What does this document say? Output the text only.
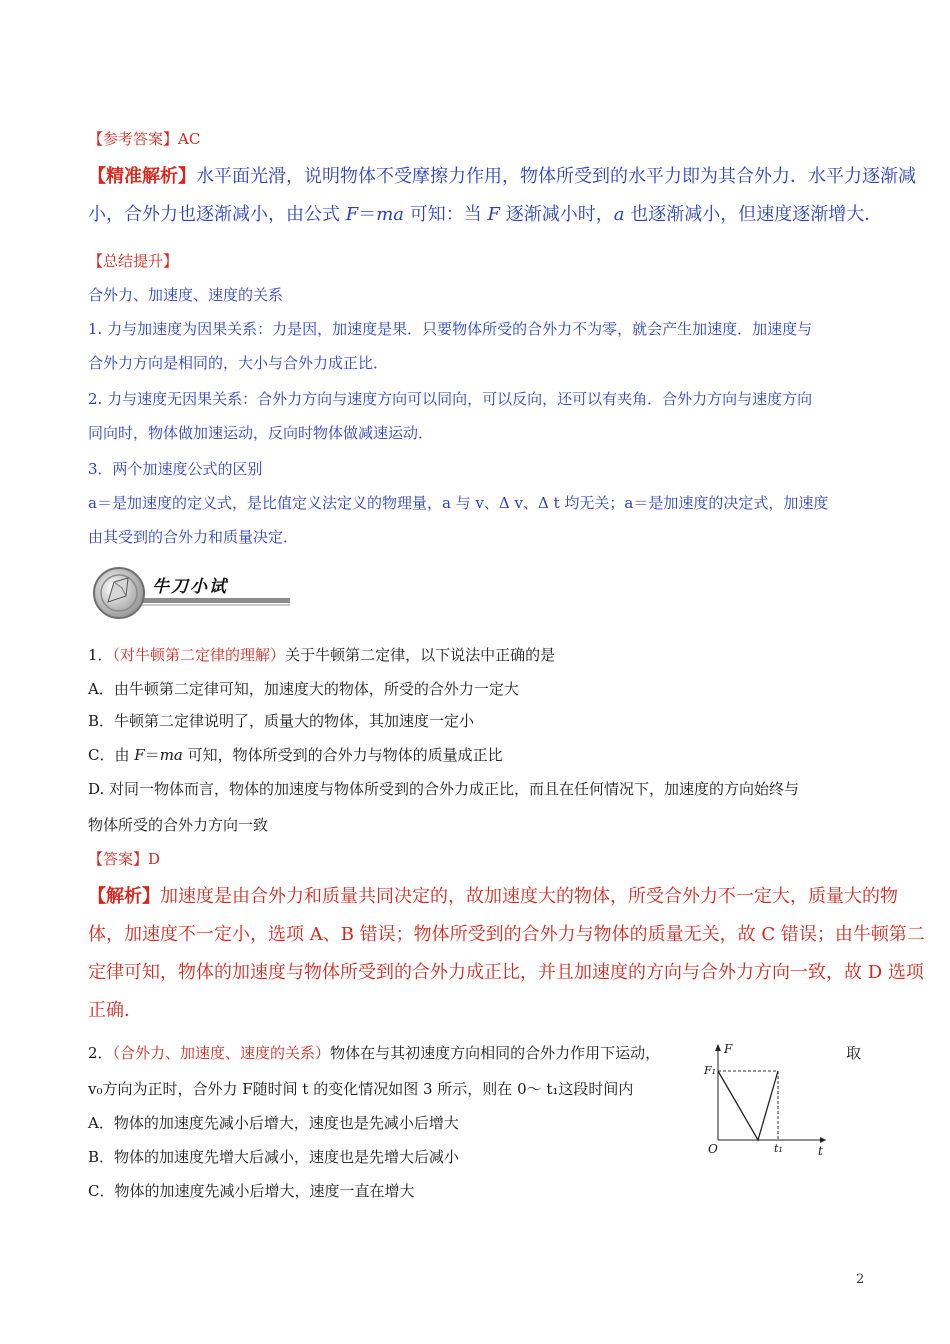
【参考答案】AC
【精准解析】水平面光滑，说明物体不受摩擦力作用，物体所受到的水平力即为其合外力．水平力逐渐减
小，合外力也逐渐减小，由公式 F＝ma 可知：当 F 逐渐减小时，a 也逐渐减小，但速度逐渐增大．
【总结提升】
合外力、加速度、速度的关系
1. 力与加速度为因果关系：力是因，加速度是果．只要物体所受的合外力不为零，就会产生加速度．加速度与
合外力方向是相同的，大小与合外力成正比．
2. 力与速度无因果关系：合外力方向与速度方向可以同向，可以反向，还可以有夹角．合外力方向与速度方向
同向时，物体做加速运动，反向时物体做减速运动．
3．两个加速度公式的区别
a＝是加速度的定义式，是比值定义法定义的物理量，a 与 v、Δ v、Δ t 均无关；a＝是加速度的决定式，加速度
由其受到的合外力和质量决定．
牛刀小试
1．（对牛顿第二定律的理解）关于牛顿第二定律，以下说法中正确的是
A．由牛顿第二定律可知，加速度大的物体，所受的合外力一定大
B．牛顿第二定律说明了，质量大的物体，其加速度一定小
C．由 F＝ma 可知，物体所受到的合外力与物体的质量成正比
D. 对同一物体而言，物体的加速度与物体所受到的合外力成正比，而且在任何情况下，加速度的方向始终与
物体所受的合外力方向一致
【答案】D
【解析】加速度是由合外力和质量共同决定的，故加速度大的物体，所受合外力不一定大，质量大的物
体，加速度不一定小，选项 A、B 错误；物体所受到的合外力与物体的质量无关，故 C 错误；由牛顿第二
定律可知，物体的加速度与物体所受到的合外力成正比，并且加速度的方向与合外力方向一致，故 D 选项
正确．
2．（合外力、加速度、速度的关系）物体在与其初速度方向相同的合外力作用下运动，	取
v₀方向为正时，合外力 F随时间 t 的变化情况如图 3 所示，则在 0～ t₁这段时间内
A．物体的加速度先减小后增大，速度也是先减小后增大
B．物体的加速度先增大后减小，速度也是先增大后减小
C．物体的加速度先减小后增大，速度一直在增大
F
t
O
F₁
t₁
2
